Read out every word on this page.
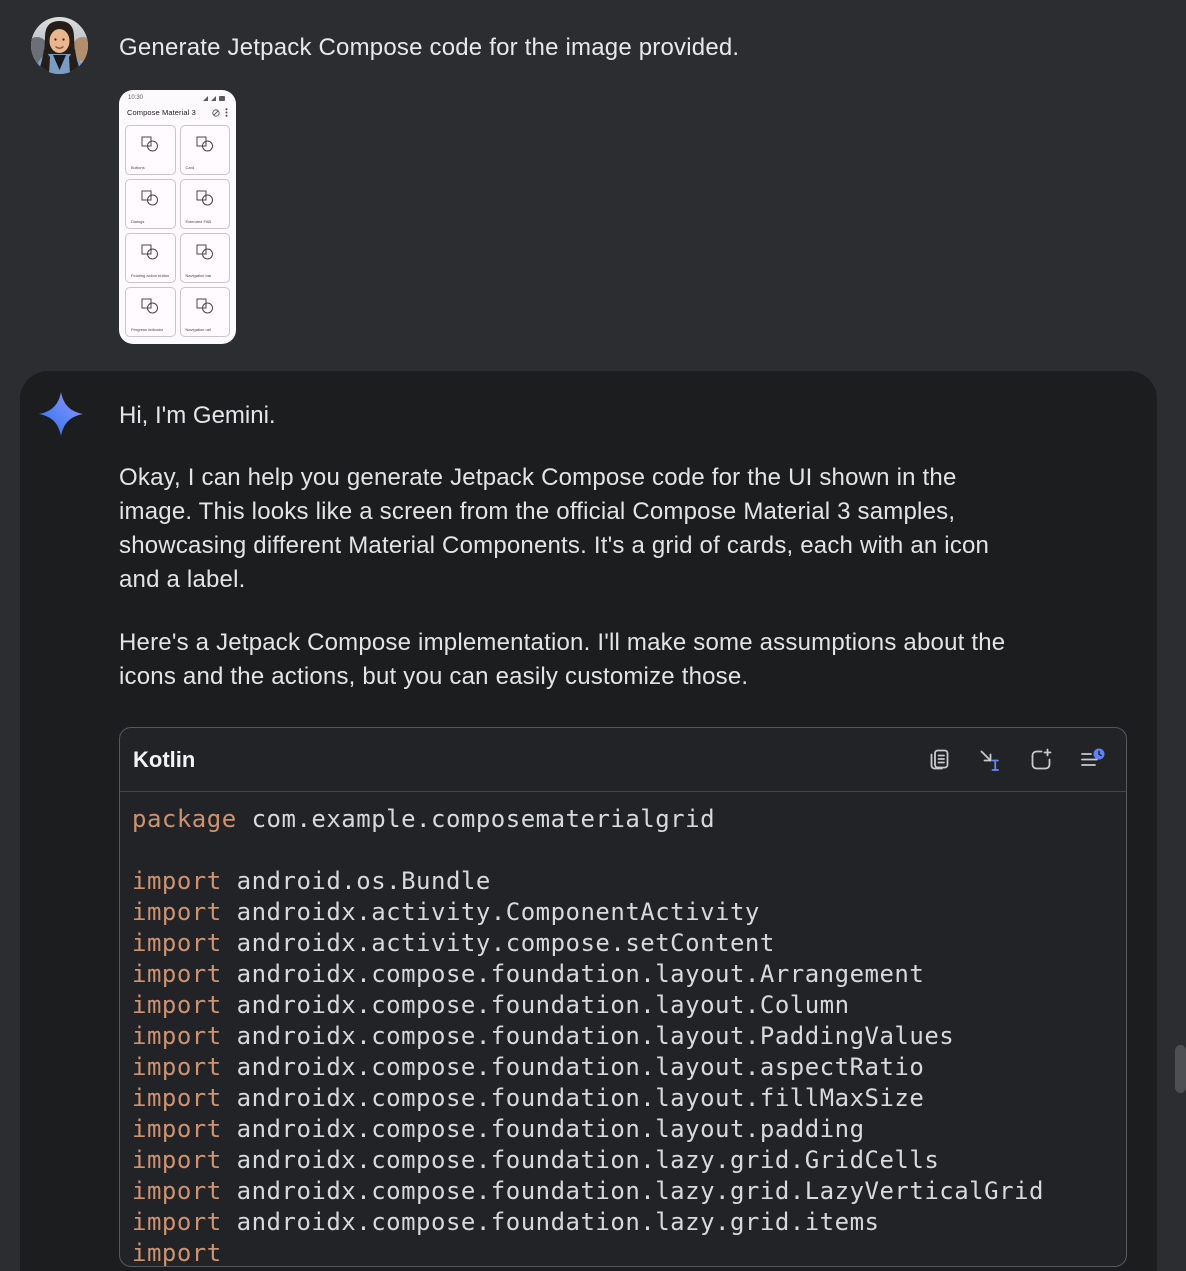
Generate Jetpack Compose code for the image provided.
10:30
Compose Material 3
Buttons	Card
Dialogs	Extended FAB
Floating action button	Navigation bar
Progress indicator	Navigation rail
Hi, I'm Gemini.
Okay, I can help you generate Jetpack Compose code for the UI shown in the
image. This looks like a screen from the official Compose Material 3 samples,
showcasing different Material Components. It's a grid of cards, each with an icon
and a label.
Here's a Jetpack Compose implementation. I'll make some assumptions about the
icons and the actions, but you can easily customize those.
Kotlin
package com.example.composematerialgrid

import android.os.Bundle
import androidx.activity.ComponentActivity
import androidx.activity.compose.setContent
import androidx.compose.foundation.layout.Arrangement
import androidx.compose.foundation.layout.Column
import androidx.compose.foundation.layout.PaddingValues
import androidx.compose.foundation.layout.aspectRatio
import androidx.compose.foundation.layout.fillMaxSize
import androidx.compose.foundation.layout.padding
import androidx.compose.foundation.lazy.grid.GridCells
import androidx.compose.foundation.lazy.grid.LazyVerticalGrid
import androidx.compose.foundation.lazy.grid.items
import
